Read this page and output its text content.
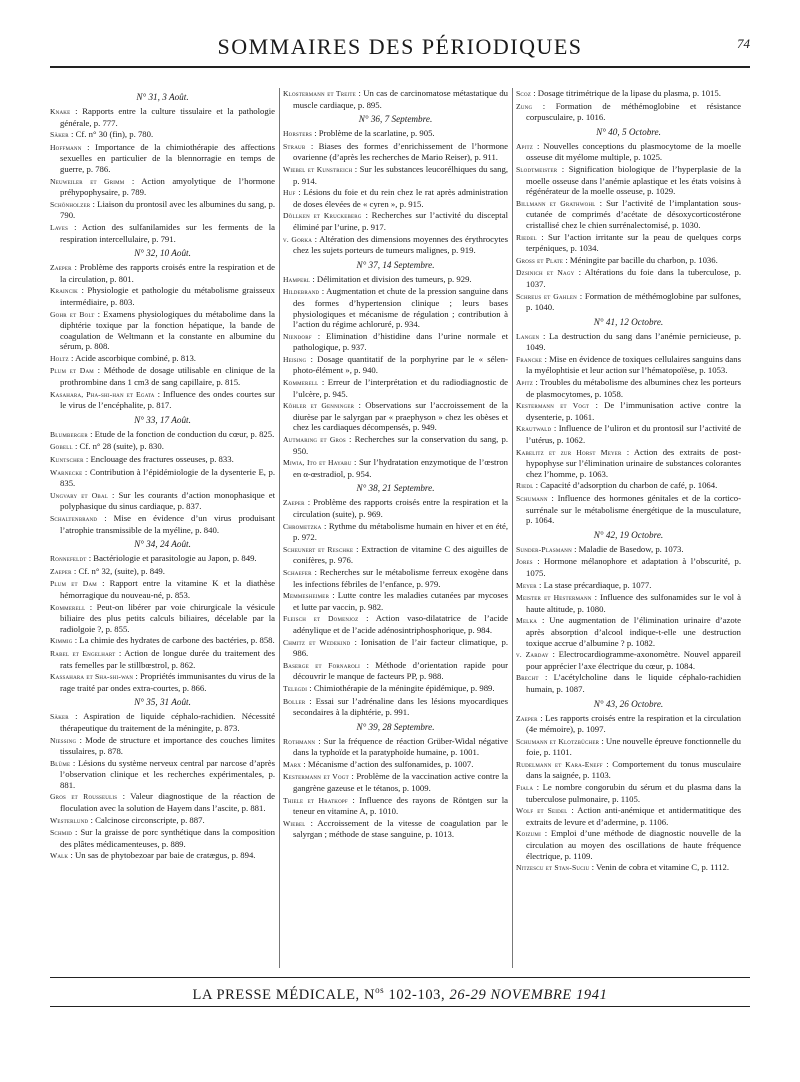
SOMMAIRES DES PÉRIODIQUES	74
N° 31, 3 Août.
Knake : Rapports entre la culture tissulaire et la pathologie générale, p. 777.
Säker : Cf. n° 30 (fin), p. 780.
Hoffmann : Importance de la chimiothérapie des affections sexuelles en particulier de la blennorragie en temps de guerre, p. 786.
Neuweiler et Grimm : Action amyolytique de l’hormone préhypophysaire, p. 789.
Schönholzer : Liaison du prontosil avec les albumines du sang, p. 790.
Laves : Action des sulfanilamides sur les ferments de la respiration intercellulaire, p. 791.
N° 32, 10 Août.
Zaeper : Problème des rapports croisés entre la respiration et de la circulation, p. 801.
Kraincik : Physiologie et pathologie du métabolisme graisseux intermédiaire, p. 803.
Gohr et Bolt : Examens physiologiques du métabolime dans la diphtérie toxique par la fonction hépatique, la bande de coagulation de Weltmann et la constante en albumine du sérum, p. 808.
Holtz : Acide ascorbique combiné, p. 813.
Plum et Dam : Méthode de dosage utilisable en clinique de la prothrombine dans 1 cm3 de sang capillaire, p. 815.
Kasahara, Pha-shi-han et Egata : Influence des ondes courtes sur le virus de l’encéphalite, p. 817.
N° 33, 17 Août.
Blumberger : Etude de la fonction de conduction du cœur, p. 825.
Gobell : Cf. n° 28 (suite), p. 830.
Kuntscher : Enclouage des fractures osseuses, p. 833.
Warnecke : Contribution à l’épidémiologie de la dysenterie E, p. 835.
Ungvary et Obal : Sur les courants d’action monophasique et polyphasique du sinus cardiaque, p. 837.
Schaltenbrand : Mise en évidence d’un virus produisant l’atrophie transmissible de la myéline, p. 840.
N° 34, 24 Août.
Ronnefeldt : Bactériologie et parasitologie au Japon, p. 849.
Zaeper : Cf. n° 32, (suite), p. 849.
Plum et Dam : Rapport entre la vitamine K et la diathèse hémorragique du nouveau-né, p. 853.
Kommerell : Peut-on libérer par voie chirurgicale la vésicule biliaire des plus petits calculs biliaires, décelable par la radiolgoie ?, p. 855.
Kimmig : La chimie des hydrates de carbone des bactéries, p. 858.
Rabel et Engelhart : Action de longue durée du traitement des rats femelles par le stillbœstrol, p. 862.
Kassahara et Sha-shi-wan : Propriétés immunisantes du virus de la rage traité par ondes extra-courtes, p. 866.
N° 35, 31 Août.
Säker : Aspiration de liquide céphalo-rachidien. Nécessité thérapeutique du traitement de la méningite, p. 873.
Niessing : Mode de structure et importance des couches limites tissulaires, p. 878.
Blüme : Lésions du système nerveux central par narcose d’après l’observation clinique et les recherches expérimentales, p. 881.
Gros et Rousseulis : Valeur diagnostique de la réaction de floculation avec la solution de Hayem dans l’ascite, p. 881.
Westerlund : Calcinose circonscripte, p. 887.
Schmid : Sur la graisse de porc synthétique dans la composition des plâtes médicamenteuses, p. 889.
Walk : Un sas de phytobezoar par baie de cratægus, p. 894.
Klostermann et Treite : Un cas de carcinomatose métastatique du muscle cardiaque, p. 895.
N° 36, 7 Septembre.
Horsters : Problème de la scarlatine, p. 905.
Straub : Biases des formes d’enrichissement de l’hormone ovarienne (d’après les recherches de Mario Reiser), p. 911.
Wiebel et Kunstreich : Sur les substances leucorélhiques du sang, p. 914.
Huf : Lésions du foie et du rein chez le rat après administration de doses élevées de « cyren », p. 915.
Döllken et Kruckeberg : Recherches sur l’activité du disceptal éliminé par l’urine, p. 917.
v. Gorka : Altération des dimensions moyennes des érythrocytes chez les sujets porteurs de tumeurs malignes, p. 919.
N° 37, 14 Septembre.
Hamperl : Délimitation et division des tumeurs, p. 929.
Hildebrand : Augmentation et chute de la pression sanguine dans des formes d’hypertension clinique ; leurs bases physiologiques et mécanisme de régulation ; contribution à l’action du régime achloruré, p. 934.
Niendorf : Elimination d’histidine dans l’urine normale et pathologique, p. 937.
Heising : Dosage quantitatif de la porphyrine par le « sélen-photo-élément », p. 940.
Kommerell : Erreur de l’interprétation et du radiodiagnostic de l’ulcère, p. 945.
Köhler et Genninger : Observations sur l’accroissement de la diurèse par le salyrgan par « praephyson » chez les obèses et chez les cardiaques décompensés, p. 949.
Autmaring et Gros : Recherches sur la conservation du sang, p. 950.
Miwia, Ito et Hayabu : Sur l’hydratation enzymotique de l’œstron en α-œstradiol, p. 954.
N° 38, 21 Septembre.
Zaeper : Problème des rapports croisés entre la respiration et la circulation (suite), p. 969.
Chrometzka : Rythme du métabolisme humain en hiver et en été, p. 972.
Scheunert et Reschke : Extraction de vitamine C des aiguilles de conifères, p. 976.
Schaefer : Recherches sur le métabolisme ferreux exogène dans les infections fébriles de l’enfance, p. 979.
Memmesheimer : Lutte contre les maladies cutanées par mycoses et lutte par vaccin, p. 982.
Fleisch et Domenjoz : Action vaso-dilatatrice de l’acide adénylique et de l’acide adénosintriphosphorique, p. 984.
Chmitz et Wedekind : Ionisation de l’air facteur climatique, p. 986.
Baserge et Fornaroli : Méthode d’orientation rapide pour découvrir le manque de facteurs PP, p. 988.
Telegdi : Chimiothérapie de la méningite épidémique, p. 989.
Boller : Essai sur l’adrénaline dans les lésions myocardiques secondaires à la diphtérie, p. 991.
N° 39, 28 Septembre.
Rothmann : Sur la fréquence de réaction Grüber-Widal négative dans la typhoïde et la paratyphoïde humaine, p. 1001.
Marx : Mécanisme d’action des sulfonamides, p. 1007.
Kestermann et Vogt : Problème de la vaccination active contre la gangrène gazeuse et le tétanos, p. 1009.
Thiele et Hratkopf : Influence des rayons de Röntgen sur la teneur en vitamine A, p. 1010.
Wiebel : Accroissement de la vitesse de coagulation par le salyrgan ; méthode de stase sanguine, p. 1013.
Scoz : Dosage titrimétrique de la lipase du plasma, p. 1015.
Zung : Formation de méthémoglobine et résistance corpusculaire, p. 1016.
N° 40, 5 Octobre.
Apitz : Nouvelles conceptions du plasmocytome de la moelle osseuse dit myélome multiple, p. 1025.
Slodtmeister : Signification biologique de l’hyperplasie de la moelle osseuse dans l’anémie aplastique et les états voisins à régénérateur de la moelle osseuse, p. 1029.
Billmann et Grathwohl : Sur l’activité de l’implantation sous-cutanée de comprimés d’acétate de désoxycorticostérone cristallisé chez le chien surrénalectomisé, p. 1030.
Riedel : Sur l’action irritante sur la peau de quelques corps terpéniques, p. 1034.
Gross et Plate : Méningite par bacille du charbon, p. 1036.
Dzsinich et Nagy : Altérations du foie dans la tuberculose, p. 1037.
Schreus et Gahlen : Formation de méthémoglobine par sulfones, p. 1040.
N° 41, 12 Octobre.
Langen : La destruction du sang dans l’anémie pernicieuse, p. 1049.
Francke : Mise en évidence de toxiques cellulaires sanguins dans la myélophtisie et leur action sur l’hématopoïèse, p. 1053.
Apitz : Troubles du métabolisme des albumines chez les porteurs de plasmocytomes, p. 1058.
Kestermann et Vogt : De l’immunisation active contre la dysenterie, p. 1061.
Krautwald : Influence de l’uliron et du prontosil sur l’activité de l’utérus, p. 1062.
Kabelitz et zur Horst Meyer : Action des extraits de post-hypophyse sur l’élimination urinaire de substances colorantes chez l’homme, p. 1063.
Riedl : Capacité d’adsorption du charbon de café, p. 1064.
Schumann : Influence des hormones génitales et de la cortico-surrénale sur le métabolisme énergétique de la musculature, p. 1064.
N° 42, 19 Octobre.
Sunder-Plasmann : Maladie de Basedow, p. 1073.
Jores : Hormone mélanophore et adaptation à l’obscurité, p. 1075.
Meyer : La stase précardiaque, p. 1077.
Meister et Hestermann : Influence des sulfonamides sur le vol à haute altitude, p. 1080.
Melka : Une augmentation de l’élimination urinaire d’azote après absorption d’alcool indique-t-elle une destruction toxique accrue d’albumine ? p. 1082.
v. Zarday : Electrocardiogramme-axonomètre. Nouvel appareil pour apprécier l’axe électrique du cœur, p. 1084.
Brecht : L’acétylcholine dans le liquide céphalo-rachidien humain, p. 1087.
N° 43, 26 Octobre.
Zaeper : Les rapports croisés entre la respiration et la circulation (4e mémoire), p. 1097.
Schumann et Klotzbücher : Une nouvelle épreuve fonctionnelle du foie, p. 1101.
Rudelmann et Kara-Eneff : Comportement du tonus musculaire dans la saignée, p. 1103.
Fiala : Le nombre congorubin du sérum et du plasma dans la tuberculose pulmonaire, p. 1105.
Wolf et Seidel : Action anti-anémique et antidermatitique des extraits de levure et d’adermine, p. 1106.
Koizumi : Emploi d’une méthode de diagnostic nouvelle de la circulation au moyen des oscillations de haute fréquence électrique, p. 1109.
Nitzescu et Stan-Suciu : Venin de cobra et vitamine C, p. 1112.
LA PRESSE MÉDICALE, $N^{os}$ 102-103, 26-29 NOVEMBRE 1941
